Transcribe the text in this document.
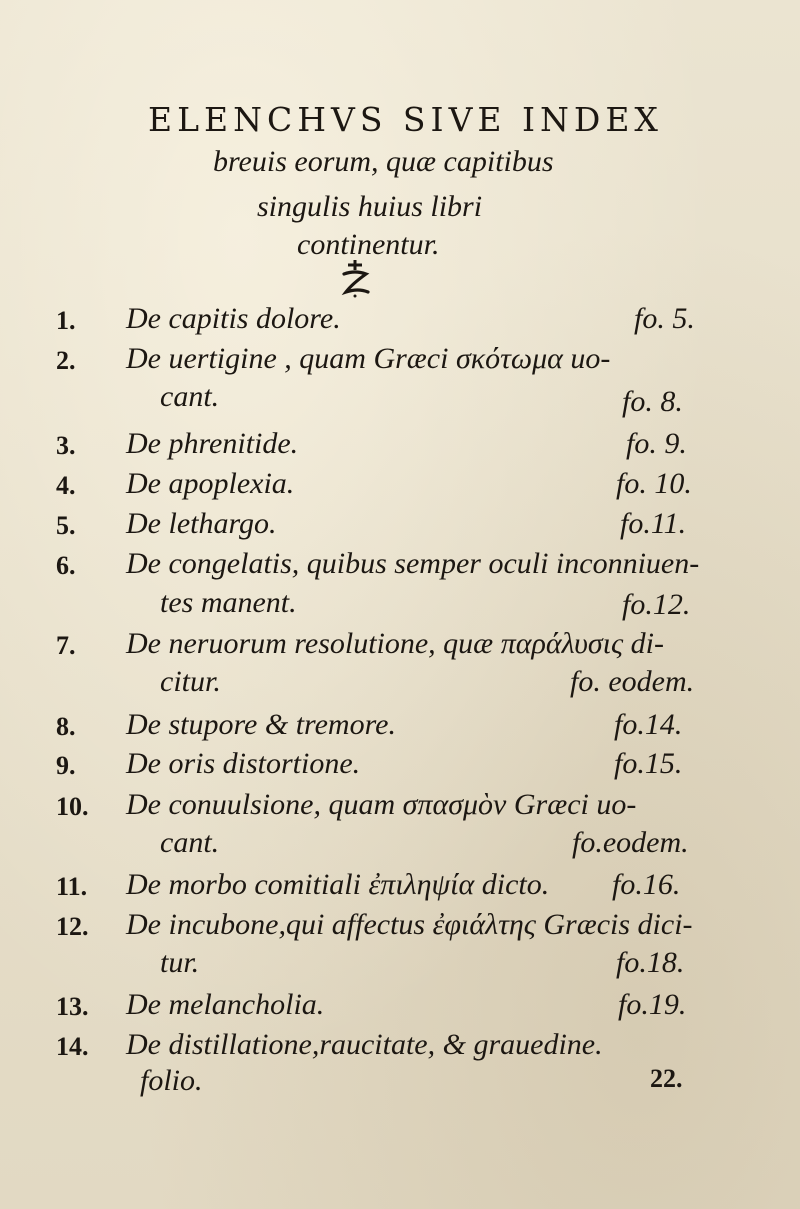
ELENCHVS SIVE INDEX
breuis eorum, quæ capitibus
singulis huius libri
continentur.
1.	De capitis dolore.	fo. 5.
2.	De uertigine , quam Græci σκότωμα uo-
cant.	fo. 8.
3.	De phrenitide.	fo. 9.
4.	De apoplexia.	fo. 10.
5.	De lethargo.	fo.11.
6.	De congelatis, quibus semper oculi inconniuen-
tes manent.	fo.12.
7.	De neruorum resolutione, quæ παράλυσις di-
citur.	fo. eodem.
8.	De stupore & tremore.	fo.14.
9.	De oris distortione.	fo.15.
10. De conuulsione, quam σπασμὸν Græci uo-
cant.	fo.eodem.
11. De morbo comitiali ἐπιληψία dicto. fo.16.
12. De incubone,qui affectus ἐφιάλτης Græcis dici-
tur.	fo.18.
13. De melancholia.	fo.19.
14. De distillatione,raucitate, & grauedine.
folio.	22.
